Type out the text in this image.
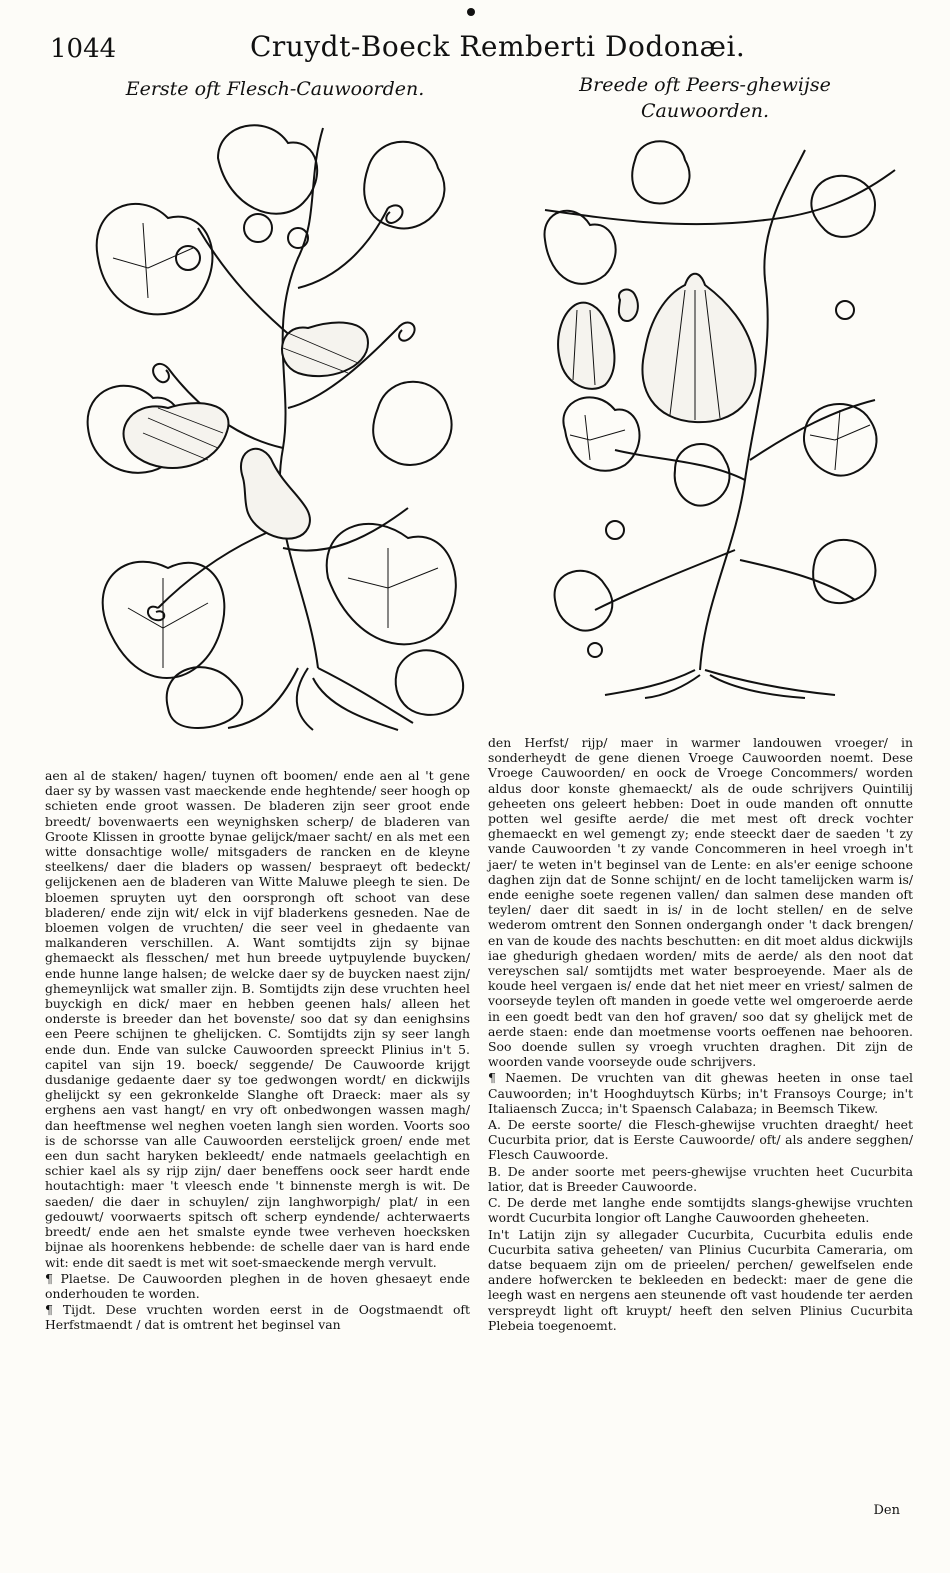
1044	Cruydt-Boeck Remberti Dodonæi.
Eerste oft Flesch-Cauwoorden.	Breede oft Peers-ghewijse
Cauwoorden.

aen al de staken/ hagen/ tuynen oft boomen/ ende aen al 't gene daer sy by wassen vast maeckende ende heghtende/ seer hoogh op schieten ende groot wassen. De bladeren zijn seer groot ende breedt/ bovenwaerts een weynighsken scherp/ de bladeren van Groote Klissen in grootte bynae gelijck/maer sacht/ en als met een witte donsachtige wolle/ mitsgaders de rancken en de kleyne steelkens/ daer die bladers op wassen/ bespraeyt oft bedeckt/ gelijckenen aen de bladeren van Witte Maluwe pleegh te sien. De bloemen spruyten uyt den oorsprongh oft schoot van dese bladeren/ ende zijn wit/ elck in vijf bladerkens gesneden. Nae de bloemen volgen de vruchten/ die seer veel in ghedaente van malkanderen verschillen. A. Want somtijdts zijn sy bijnae ghemaeckt als flesschen/ met hun breede uytpuylende buycken/ ende hunne lange halsen; de welcke daer sy de buycken naest zijn/ ghemeynlijck wat smaller zijn. B. Somtijdts zijn dese vruchten heel buyckigh en dick/ maer en hebben geenen hals/ alleen het onderste is breeder dan het bovenste/ soo dat sy dan eenighsins een Peere schijnen te ghelijcken. C. Somtijdts zijn sy seer langh ende dun. Ende van sulcke Cauwoorden spreeckt Plinius in't 5. capitel van sijn 19. boeck/ seggende/ De Cauwoorde krijgt dusdanige gedaente daer sy toe gedwongen wordt/ en dickwijls ghelijckt sy een gekronkelde Slanghe oft Draeck: maer als sy erghens aen vast hangt/ en vry oft onbedwongen wassen magh/ dan heeftmense wel neghen voeten langh sien worden. Voorts soo is de schorsse van alle Cauwoorden eerstelijck groen/ ende met een dun sacht haryken bekleedt/ ende natmaels geelachtigh en schier kael als sy rijp zijn/ daer beneffens oock seer hardt ende houtachtigh: maer 't vleesch ende 't binnenste mergh is wit. De saeden/ die daer in schuylen/ zijn langhworpigh/ plat/ in een gedouwt/ voorwaerts spitsch oft scherp eyndende/ achterwaerts breedt/ ende aen het smalste eynde twee verheven hoecksken bijnae als hoorenkens hebbende: de schelle daer van is hard ende wit: ende dit saedt is met wit soet-smaeckende mergh vervult.

¶ Plaetse. De Cauwoorden pleghen in de hoven ghesaeyt ende onderhouden te worden.

¶ Tijdt. Dese vruchten worden eerst in de Oogstmaendt oft Herfstmaendt / dat is omtrent het beginsel van

den Herfst/ rijp/ maer in warmer landouwen vroeger/ in sonderheydt de gene dienen Vroege Cauwoorden noemt. Dese Vroege Cauwoorden/ en oock de Vroege Concommers/ worden aldus door konste ghemaeckt/ als de oude schrijvers Quintilij geheeten ons geleert hebben: Doet in oude manden oft onnutte potten wel gesifte aerde/ die met mest oft dreck vochter ghemaeckt en wel gemengt zy; ende steeckt daer de saeden 't zy vande Cauwoorden 't zy vande Concommeren in heel vroegh in't jaer/ te weten in't beginsel van de Lente: en als'er eenige schoone daghen zijn dat de Sonne schijnt/ en de locht tamelijcken warm is/ ende eenighe soete regenen vallen/ dan salmen dese manden oft teylen/ daer dit saedt in is/ in de locht stellen/ en de selve wederom omtrent den Sonnen ondergangh onder 't dack brengen/ en van de koude des nachts beschutten: en dit moet aldus dickwijls iae ghedurigh ghedaen worden/ mits de aerde/ als den noot dat vereyschen sal/ somtijdts met water besproeyende. Maer als de koude heel vergaen is/ ende dat het niet meer en vriest/ salmen de voorseyde teylen oft manden in goede vette wel omgeroerde aerde in een goedt bedt van den hof graven/ soo dat sy ghelijck met de aerde staen: ende dan moetmense voorts oeffenen nae behooren. Soo doende sullen sy vroegh vruchten draghen. Dit zijn de woorden vande voorseyde oude schrijvers.

¶ Naemen. De vruchten van dit ghewas heeten in onse tael Cauwoorden; in't Hooghduytsch Kürbs; in't Fransoys Courge; in't Italiaensch Zucca; in't Spaensch Calabaza; in Beemsch Tikew.

A. De eerste soorte/ die Flesch-ghewijse vruchten draeght/ heet Cucurbita prior, dat is Eerste Cauwoorde/ oft/ als andere segghen/ Flesch Cauwoorde.

B. De ander soorte met peers-ghewijse vruchten heet Cucurbita latior, dat is Breeder Cauwoorde.

C. De derde met langhe ende somtijdts slangs-ghewijse vruchten wordt Cucurbita longior oft Langhe Cauwoorden gheheeten.

In't Latijn zijn sy allegader Cucurbita, Cucurbita edulis ende Cucurbita sativa geheeten/ van Plinius Cucurbita Cameraria, om datse bequaem zijn om de prieelen/ perchen/ gewelfselen ende andere hofwercken te bekleeden en bedeckt: maer de gene die leegh wast en nergens aen steunende oft vast houdende ter aerden verspreydt light oft kruypt/ heeft den selven Plinius Cucurbita Plebeia toegenoemt.

Den
